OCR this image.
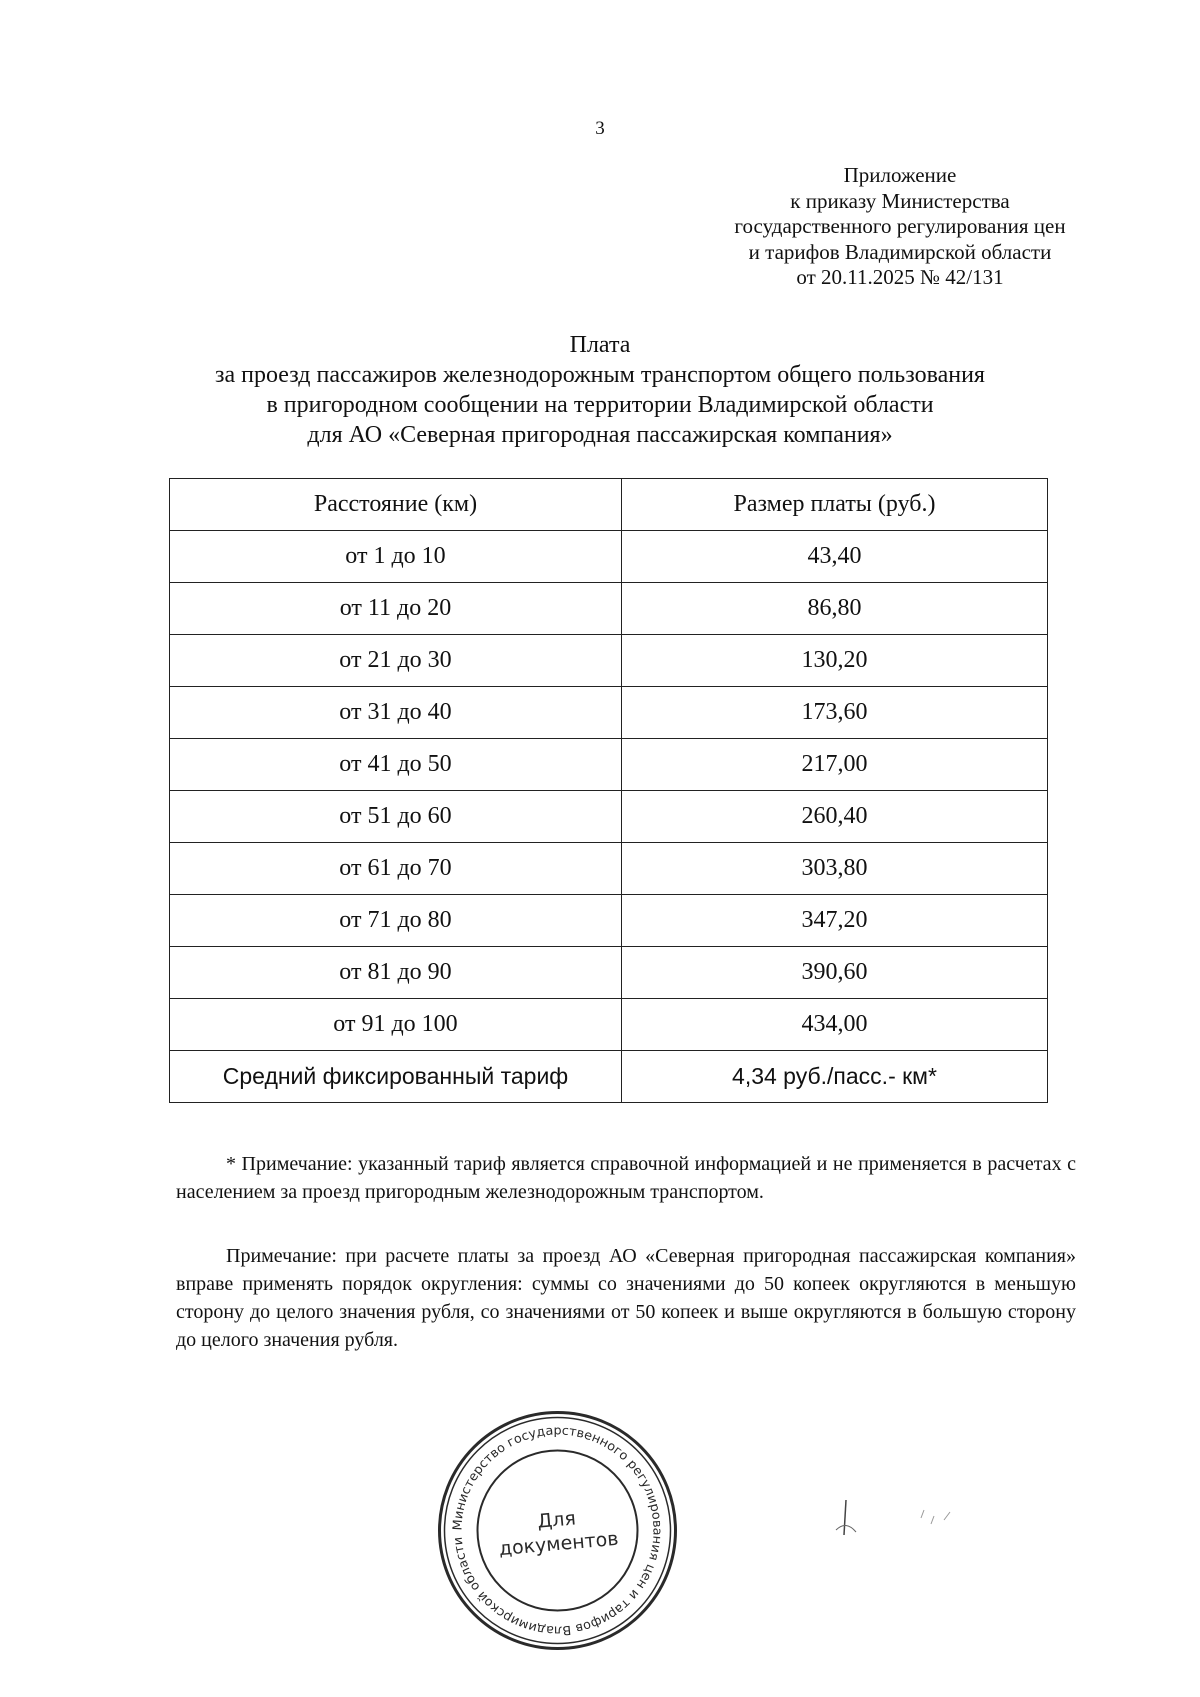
3
Приложение
к приказу Министерства
государственного регулирования цен
и тарифов Владимирской области
от 20.11.2025 № 42/131
Плата
за проезд пассажиров железнодорожным транспортом общего пользования
в пригородном сообщении на территории Владимирской области
для АО «Северная пригородная пассажирская компания»
Расстояние (км)	Размер платы (руб.)
от 1 до 10	43,40
от 11 до 20	86,80
от 21 до 30	130,20
от 31 до 40	173,60
от 41 до 50	217,00
от 51 до 60	260,40
от 61 до 70	303,80
от 71 до 80	347,20
от 81 до 90	390,60
от 91 до 100	434,00
Средний фиксированный тариф	4,34 руб./пасс.- км*

* Примечание: указанный тариф является справочной информацией и не применяется в расчетах с населением за проезд пригородным железнодорожным транспортом.

Примечание: при расчете платы за проезд АО «Северная пригородная пассажирская компания» вправе применять порядок округления: суммы со значениями до 50 копеек округляются в меньшую сторону до целого значения рубля, со значениями от 50 копеек и выше округляются в большую сторону до целого значения рубля.

Министерство государственного регулирования цен и тарифов Владимирской области
Для
документов
